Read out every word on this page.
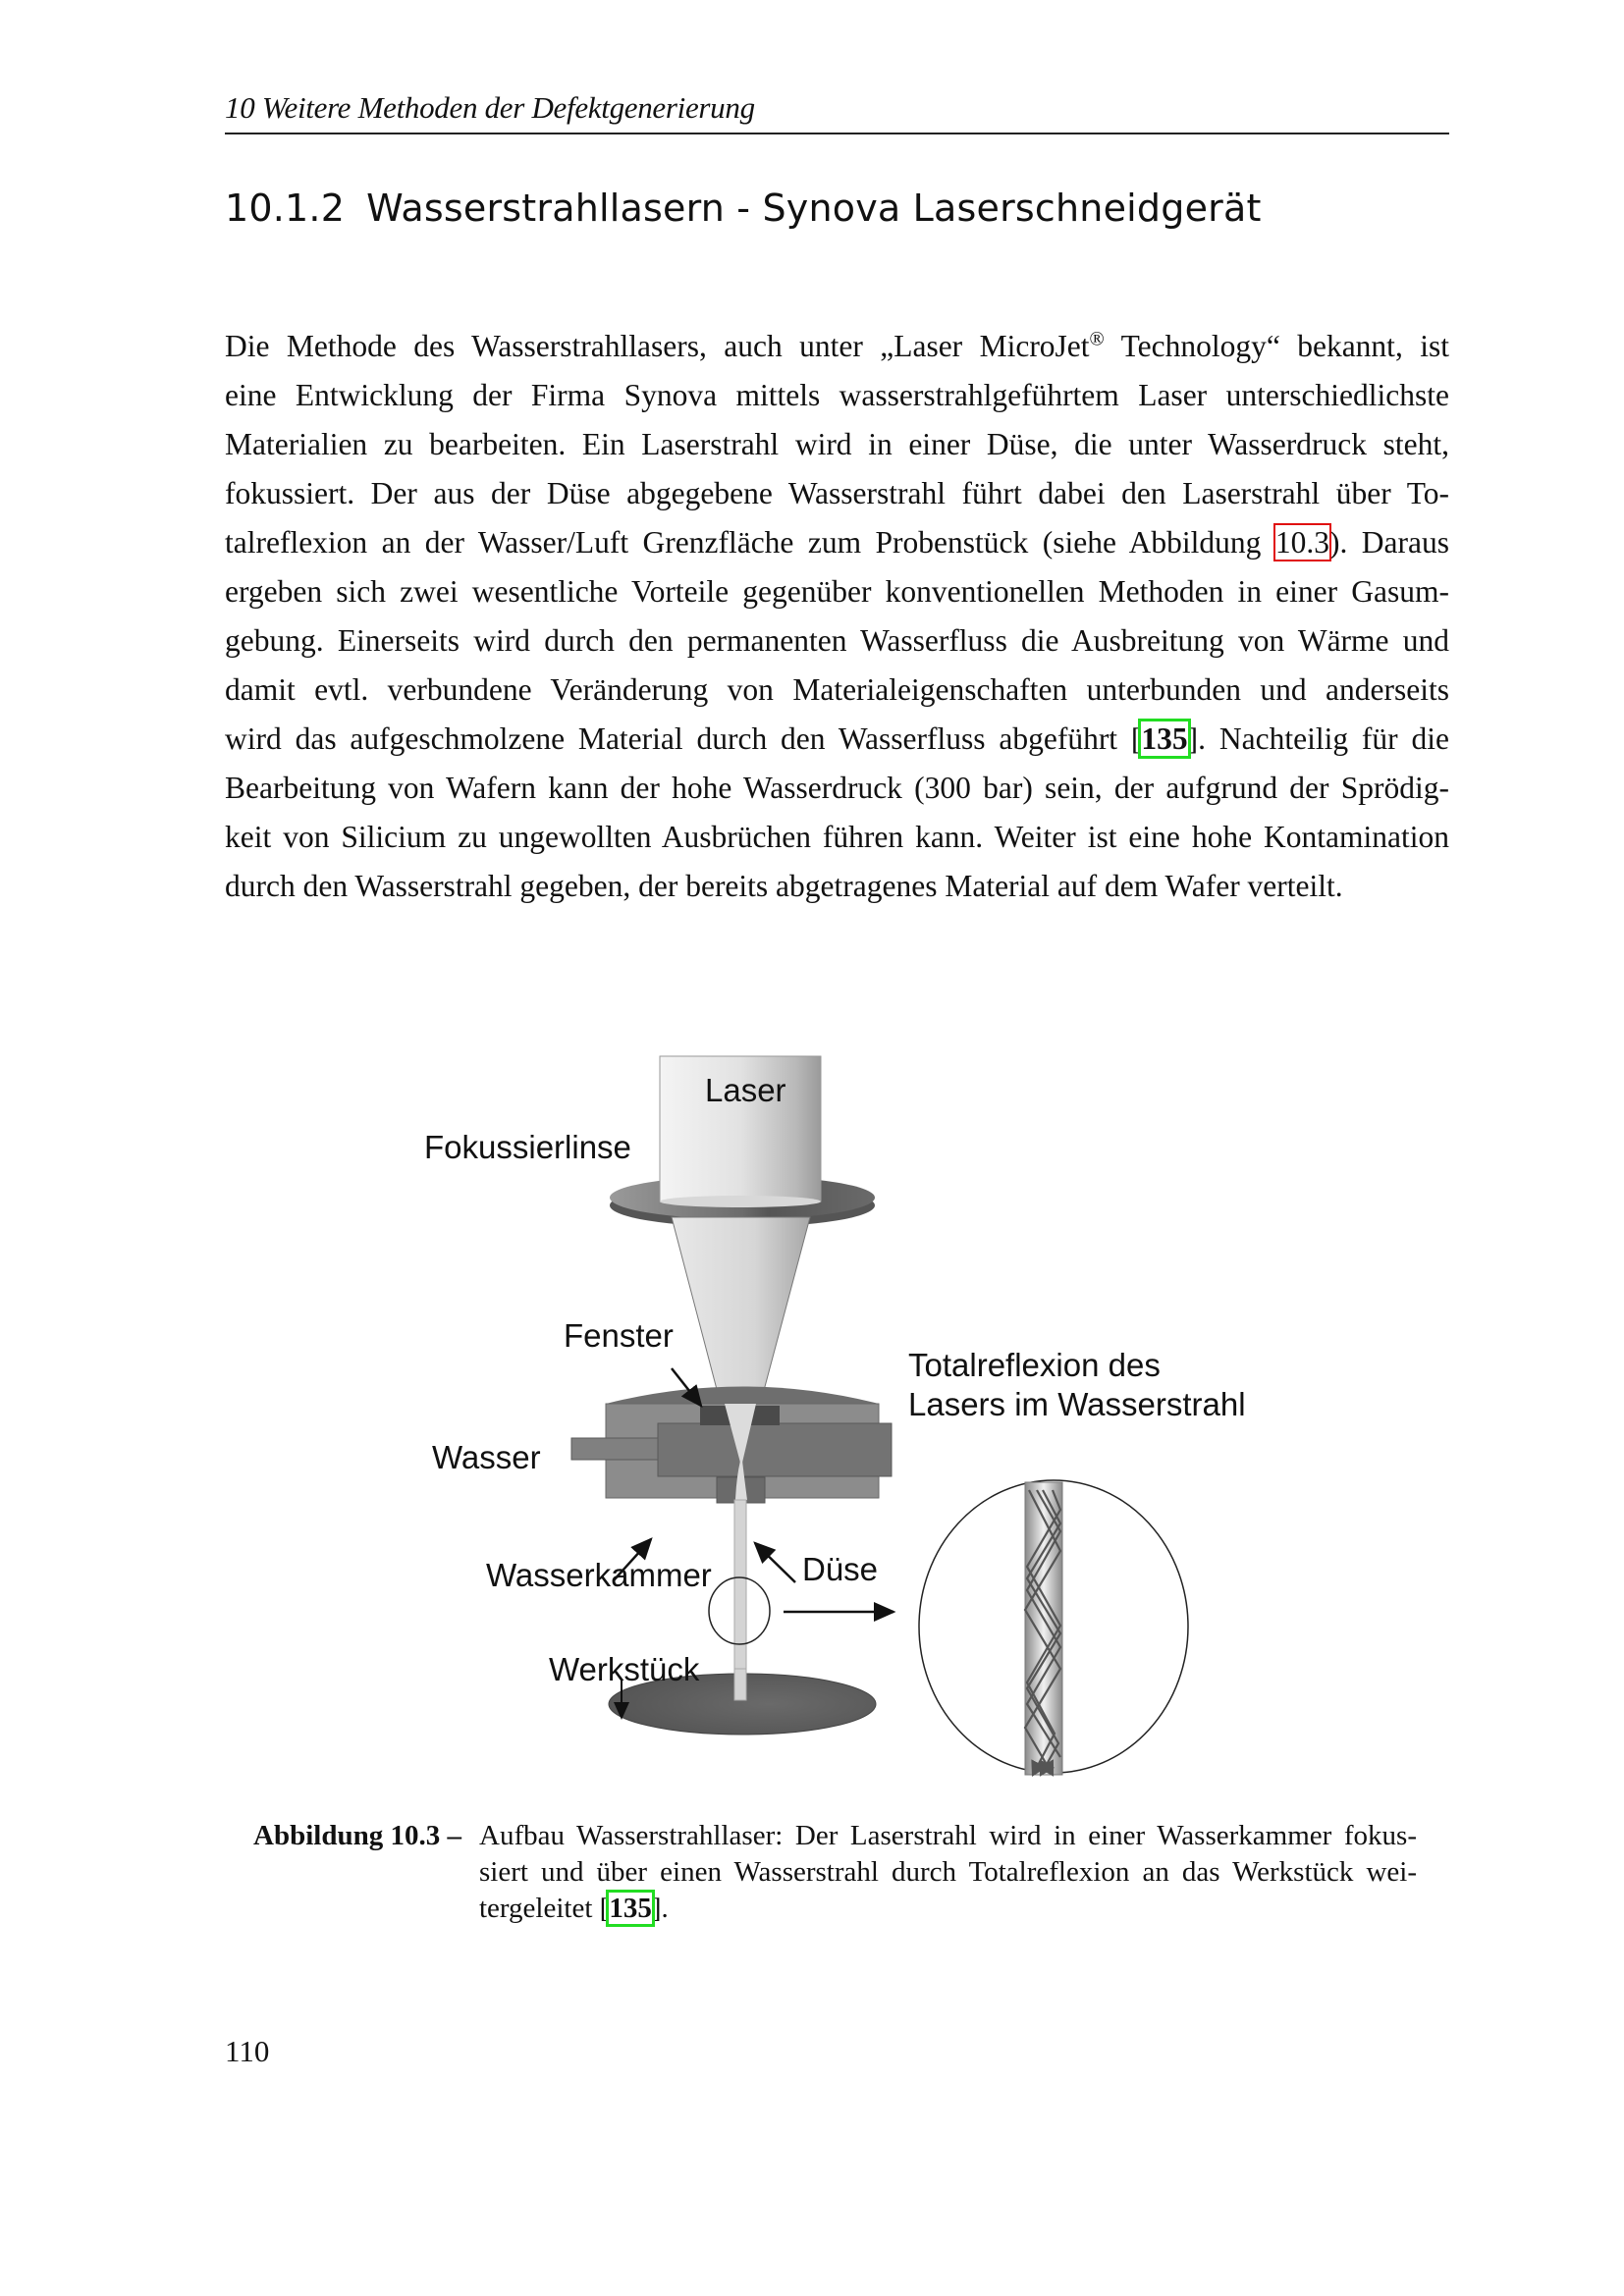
10 Weitere Methoden der Defektgenerierung
10.1.2 Wasserstrahllasern - Synova Laserschneidgerät
Die Methode des Wasserstrahllasers, auch unter „Laser MicroJet® Technology“ bekannt, ist
eine Entwicklung der Firma Synova mittels wasserstrahlgeführtem Laser unterschiedlichste
Materialien zu bearbeiten. Ein Laserstrahl wird in einer Düse, die unter Wasserdruck steht,
fokussiert. Der aus der Düse abgegebene Wasserstrahl führt dabei den Laserstrahl über To-
talreflexion an der Wasser/Luft Grenzfläche zum Probenstück (siehe Abbildung 10.3). Daraus
ergeben sich zwei wesentliche Vorteile gegenüber konventionellen Methoden in einer Gasum-
gebung. Einerseits wird durch den permanenten Wasserfluss die Ausbreitung von Wärme und
damit evtl. verbundene Veränderung von Materialeigenschaften unterbunden und anderseits
wird das aufgeschmolzene Material durch den Wasserfluss abgeführt [135]. Nachteilig für die
Bearbeitung von Wafern kann der hohe Wasserdruck (300 bar) sein, der aufgrund der Sprödig-
keit von Silicium zu ungewollten Ausbrüchen führen kann. Weiter ist eine hohe Kontamination
durch den Wasserstrahl gegeben, der bereits abgetragenes Material auf dem Wafer verteilt.
Laser
Fokussierlinse
Fenster
Wasser
Wasserkammer	Düse
Werkstück
Totalreflexion des
Lasers im Wasserstrahl
Abbildung 10.3 – Aufbau Wasserstrahllaser: Der Laserstrahl wird in einer Wasserkammer fokus-
siert und über einen Wasserstrahl durch Totalreflexion an das Werkstück wei-
tergeleitet [135].
110
